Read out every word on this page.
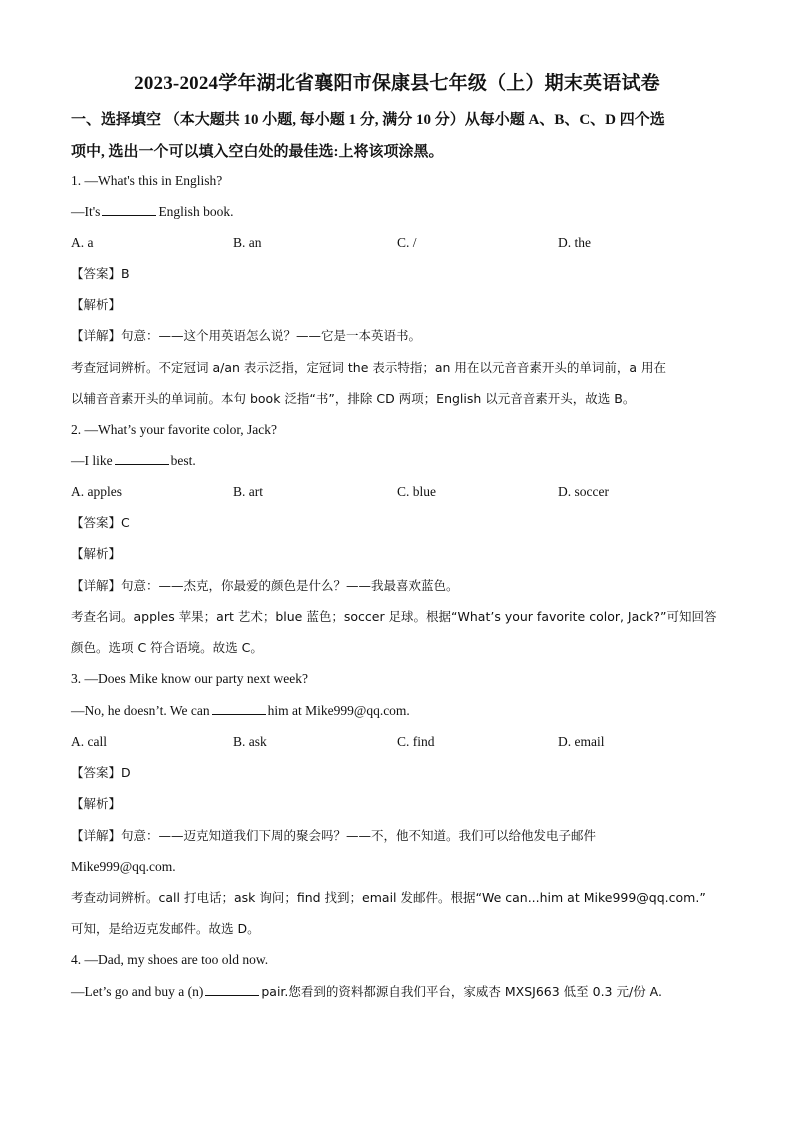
2023-2024学年湖北省襄阳市保康县七年级（上）期末英语试卷
一、选择填空 （本大题共 10 小题, 每小题 1 分, 满分 10 分）从每小题 A、B、C、D 四个选
项中, 选出一个可以填入空白处的最佳选:上将该项涂黑。
1. —What's this in English?
—It's	English book.
A. a	B. an	C. /	D. the
【答案】B
【解析】
【详解】句意：——这个用英语怎么说？——它是一本英语书。
考查冠词辨析。不定冠词 a/an 表示泛指，定冠词 the 表示特指；an 用在以元音音素开头的单词前，a 用在
以辅音音素开头的单词前。本句 book 泛指“书”，排除 CD 两项；English 以元音音素开头，故选 B。
2. —What’s your favorite color, Jack?
—I like	best.
A. apples	B. art	C. blue	D. soccer
【答案】C
【解析】
【详解】句意：——杰克，你最爱的颜色是什么？——我最喜欢蓝色。
考查名词。apples 苹果；art 艺术；blue 蓝色；soccer 足球。根据“What’s your favorite color, Jack?”可知回答
颜色。选项 C 符合语境。故选 C。
3. —Does Mike know our party next week?
—No, he doesn’t. We can	him at Mike999@qq.com.
A. call	B. ask	C. find	D. email
【答案】D
【解析】
【详解】句意：——迈克知道我们下周的聚会吗？——不，他不知道。我们可以给他发电子邮件
Mike999@qq.com.
考查动词辨析。call 打电话；ask 询问；find 找到；email 发邮件。根据“We can...him at Mike999@qq.com.”
可知，是给迈克发邮件。故选 D。
4. —Dad, my shoes are too old now.
—Let’s go and buy a (n)	pair.您看到的资料都源自我们平台，家威杏 MXSJ663 低至 0.3 元/份 A.
